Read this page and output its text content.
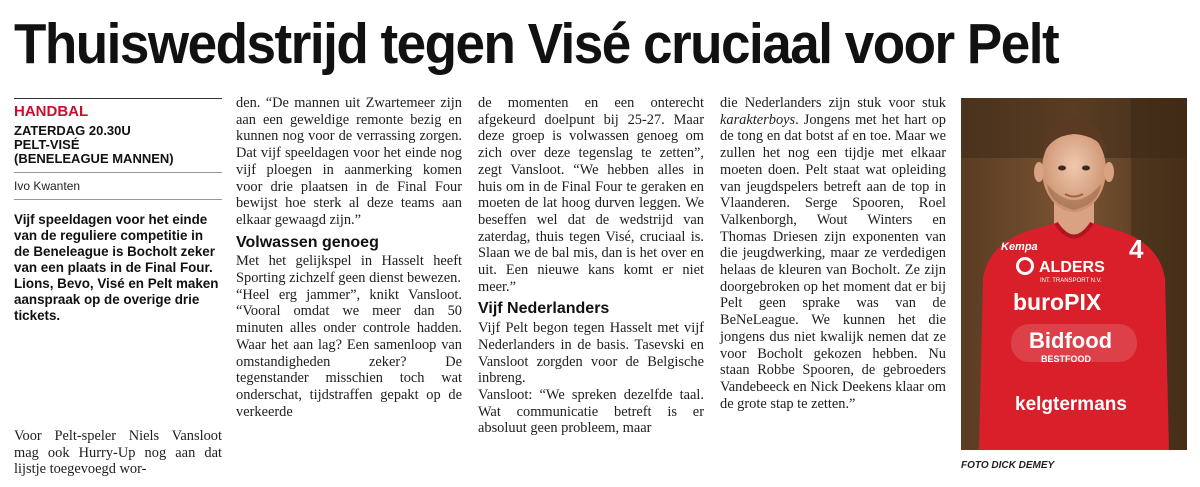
Thuiswedstrijd tegen Visé cruciaal voor Pelt
HANDBAL
ZATERDAG 20.30U
PELT-VISÉ
(BENELEAGUE MANNEN)
Ivo Kwanten
Vijf speeldagen voor het einde van de reguliere competitie in de Beneleague is Bocholt zeker van een plaats in de Final Four. Lions, Bevo, Visé en Pelt maken aanspraak op de overige drie tickets.

Voor Pelt-speler Niels Vansloot mag ook Hurry-Up nog aan dat lijstje toegevoegd wor-

den. “De mannen uit Zwartemeer zijn aan een geweldige remonte bezig en kunnen nog voor de verrassing zorgen. Dat vijf speeldagen voor het einde nog vijf ploegen in aanmerking komen voor drie plaatsen in de Final Four bewijst hoe sterk al deze teams aan elkaar gewaagd zijn.”

Volwassen genoeg

Met het gelijkspel in Hasselt heeft Sporting zichzelf geen dienst bewezen.

“Heel erg jammer”, knikt Vansloot. “Vooral omdat we meer dan 50 minuten alles onder controle hadden. Waar het aan lag? Een samenloop van omstandigheden zeker? De tegenstander misschien toch wat onderschat, tijdstraffen gepakt op de verkeerde

de momenten en een onterecht afgekeurd doelpunt bij 25-27. Maar deze groep is volwassen genoeg om zich over deze tegenslag te zetten”, zegt Vansloot. “We hebben alles in huis om in de Final Four te geraken en moeten de lat hoog durven leggen. We beseffen wel dat de wedstrijd van zaterdag, thuis tegen Visé, cruciaal is. Slaan we de bal mis, dan is het over en uit. Een nieuwe kans komt er niet meer.”

Vijf Nederlanders

Vijf Pelt begon tegen Hasselt met vijf Nederlanders in de basis. Tasevski en Vansloot zorgden voor de Belgische inbreng.

Vansloot: “We spreken dezelfde taal. Wat communicatie betreft is er absoluut geen probleem, maar

die Nederlanders zijn stuk voor stuk karakterboys. Jongens met het hart op de tong en dat botst af en toe. Maar we zullen het nog een tijdje met elkaar moeten doen. Pelt staat wat opleiding van jeugdspelers betreft aan de top in Vlaanderen. Serge Spooren, Roel Valkenborgh, Wout Winters en Thomas Driesen zijn exponenten van die jeugdwerking, maar ze verdedigen helaas de kleuren van Bocholt. Ze zijn doorgebroken op het moment dat er bij Pelt geen sprake was van de BeNeLeague. We kunnen het die jongens dus niet kwalijk nemen dat ze voor Bocholt gekozen hebben. Nu staan Robbe Spooren, de gebroeders Vandebeeck en Nick Deekens klaar om de grote stap te zetten.”

Kempa	4
ALDERS
INT. TRANSPORT N.V.
buroPIX
Bidfood
BESTFOOD
kelgtermans
FOTO DICK DEMEY
